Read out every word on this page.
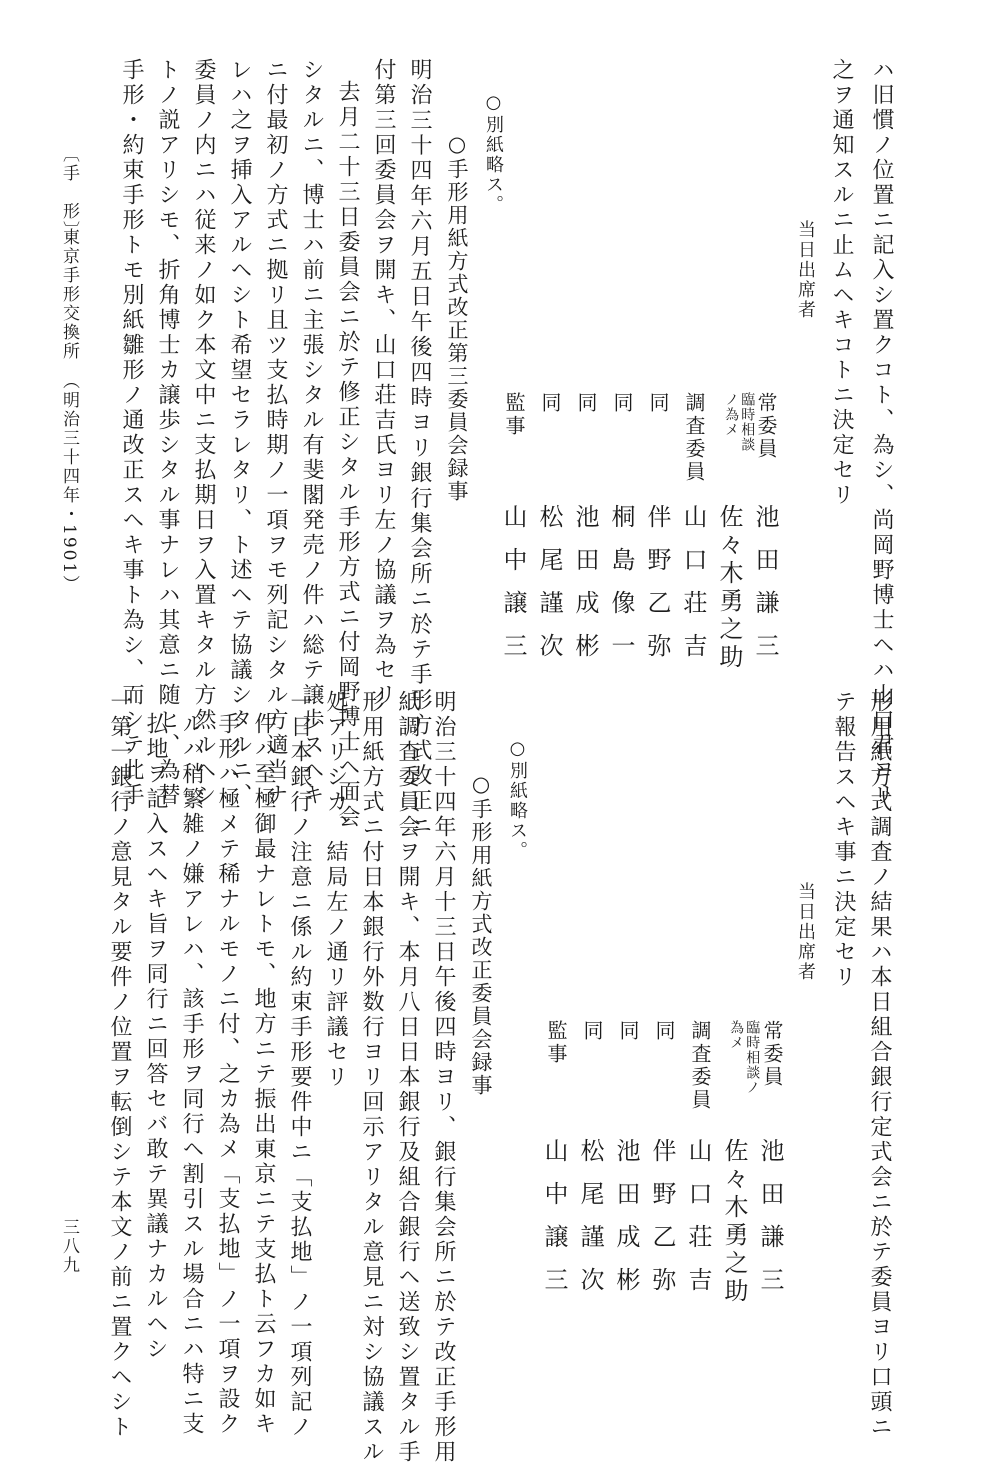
ハ旧慣ノ位置ニ記入シ置クコト、為シ、尚岡野博士ヘハ山口君ヨリ
之ヲ通知スルニ止ムヘキコトニ決定セリ
当日出席者
常委員
池田謙三
臨時相談ノ為メ
佐々木勇之助
調査委員
山口荘吉
同
伴野乙弥
同
桐島像一
同
池田成彬
同
松尾謹次
監事
山中譲三
○別紙略ス。
○手形用紙方式改正第三委員会録事
明治三十四年六月五日午後四時ヨリ銀行集会所ニ於テ手形方式改正ニ
付第三回委員会ヲ開キ、山口荘吉氏ヨリ左ノ協議ヲ為セリ
去月二十三日委員会ニ於テ修正シタル手形方式ニ付岡野博士ヘ面会
シタルニ、博士ハ前ニ主張シタル有斐閣発売ノ件ハ総テ譲歩スヘキ
ニ付最初ノ方式ニ拠リ且ツ支払時期ノ一項ヲモ列記シタル方適当ナ
レハ之ヲ挿入アルヘシト希望セラレタリ、ト述ヘテ協議シタルニ、
委員ノ内ニハ従来ノ如ク本文中ニ支払期日ヲ入置キタル方然ルヘシ
トノ説アリシモ、折角博士カ譲歩シタル事ナレハ其意ニ随ヒ、為替
手形・約束手形トモ別紙雛形ノ通改正スヘキ事ト為シ、而シテ此手
形用紙方式調査ノ結果ハ本日組合銀行定式会ニ於テ委員ヨリ口頭ニ
テ報告スヘキ事ニ決定セリ
当日出席者
常委員
池田謙三
臨時相談ノ為メ
佐々木勇之助
調査委員
山口荘吉
同
伴野乙弥
同
池田成彬
同
松尾謹次
監事
山中譲三
○別紙略ス。
○手形用紙方式改正委員会録事
明治三十四年六月十三日午後四時ヨリ、銀行集会所ニ於テ改正手形用
紙調査委員会ヲ開キ、本月八日日本銀行及組合銀行ヘ送致シ置タル手
形用紙方式ニ付日本銀行外数行ヨリ回示アリタル意見ニ対シ協議スル
処アリシカ、結局左ノ通リ評議セリ
一日本銀行ノ注意ニ係ル約束手形要件中ニ「支払地」ノ一項列記ノ
件ハ至極御最ナレトモ、地方ニテ振出東京ニテ支払ト云フカ如キ
手形ハ極メテ稀ナルモノニ付、之カ為メ「支払地」ノ一項ヲ設ク
ルハ稍繁雑ノ嫌アレハ、該手形ヲ同行ヘ割引スル場合ニハ特ニ支
払地ヲ記入スヘキ旨ヲ同行ニ回答セバ敢テ異議ナカルヘシ
一第一銀行ノ意見タル要件ノ位置ヲ転倒シテ本文ノ前ニ置クヘシト
〔手　形〕
東京手形交換所
（明治三十四年・1901）
三八九
